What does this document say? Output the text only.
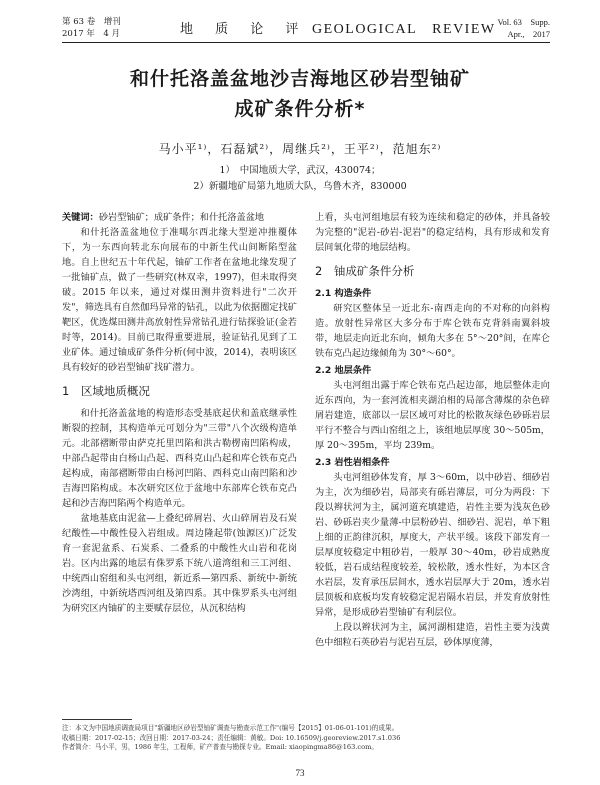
第 63 卷　增刊
2017 年　4 月	地 质 论 评 GEOLOGICAL　REVIEW Vol. 63　Supp.
Apr.,　2017
和什托洛盖盆地沙吉海地区砂岩型铀矿
成矿条件分析*
马小平¹⁾，石磊斌²⁾，周继兵²⁾，王平²⁾，范旭东²⁾
1）　中国地质大学，武汉，430074；
2）新疆地矿局第九地质大队，乌鲁木齐，830000

关键词：砂岩型铀矿；成矿条件；和什托洛盖盆地

和什托洛盖盆地位于准噶尔西北缘大型逆冲推覆体下，为一东西向转北东向展布的中新生代山间断陷型盆地。自上世纪五十年代起，铀矿工作者在盆地北缘发现了一批铀矿点，做了一些研究(林双幸，1997)，但未取得突破。2015 年以来，通过对煤田测井资料进行"二次开发"，筛选具有自然伽玛异常的钻孔，以此为依据圈定找矿靶区，优选煤田测井高放射性异常钻孔进行钻探验证(金若时等，2014)。目前已取得重要进展，验证钻孔见到了工业矿体。通过铀成矿条件分析(何中波，2014)，表明该区具有较好的砂岩型铀矿找矿潜力。

1　区域地质概况

和什托洛盖盆地的构造形态受基底起伏和盖底继承性断裂的控制，其构造单元可划分为"三带"八个次级构造单元。北部褶断带由萨克托里凹陷和洪古勒楞南凹陷构成，中部凸起带由白杨山凸起、西科克山凸起和库仑铁布克凸起构成，南部褶断带由白杨河凹陷、西科克山南凹陷和沙吉海凹陷构成。本次研究区位于盆地中东部库仑铁布克凸起和沙吉海凹陷两个构造单元。

盆地基底由泥盆—上叠纪碎屑岩、火山碎屑岩及石炭纪酸性—中酸性侵入岩组成。周边隆起带(蚀源区)广泛发育一套泥盆系、石炭系、二叠系的中酸性火山岩和花岗岩。区内出露的地层有侏罗系下统八道湾组和三工河组、中统西山窑组和头屯河组，新近系—第四系、新统中-新统沙湾组，中新统塔西河组及第四系。其中侏罗系头屯河组为研究区内铀矿的主要赋存层位，从沉积结构

上看，头屯河组地层有较为连续和稳定的砂体，并具备较为完整的"泥岩-砂岩-泥岩"的稳定结构，具有形成和发育层间氧化带的地层结构。

2　铀成矿条件分析

2.1 构造条件

研究区整体呈一近北东-南西走向的不对称的向斜构造。放射性异常区大多分布于库仑铁布克背斜南翼斜坡带，地层走向近北东向，倾角大多在 5°～20°间，在库仑铁布克凸起边缘倾角为 30°～60°。

2.2 地层条件

头屯河组出露于库仑铁布克凸起边部，地层整体走向近东西向，为一套河流相夹湖泊相的局部含薄煤的杂色碎屑岩建造，底部以一层区域可对比的松散灰绿色砂砾岩层平行不整合与西山窑组之上，该组地层厚度 30～505m，厚 20～395m，平均 239m。

2.3 岩性岩相条件

头屯河组砂体发育，厚 3～60m，以中砂岩、细砂岩为主，次为细砂岩，局部夹有砾岩薄层，可分为两段：下段以辫状河为主，属河道充填建造，岩性主要为浅灰色砂岩、砂砾岩夹少量薄-中层粉砂岩、细砂岩、泥岩，单下粗上细的正韵律沉积，厚度大，产状平缓。该段下部发育一层厚度较稳定中粗砂岩，一般厚 30～40m，砂岩成熟度较低，岩石成结程度较差，较松散，透水性好，为本区含水岩层，发育承压层间水，透水岩层厚大于 20m，透水岩层顶板和底板均发育较稳定泥岩隔水岩层，并发育放射性异常，是形成砂岩型铀矿有利层位。

上段以辫状河为主，属河湖相建造，岩性主要为浅黄色中细粒石英砂岩与泥岩互层，砂体厚度薄，

注：本文为中国地质调查局项目"新疆地区砂岩型铀矿调查与勘查示范工作"(编号【2015】01-06-01-101)的成果。
收稿日期：2017-02-15；改回日期：2017-03-24；责任编辑：黄敏。Doi: 10.16509/j.georeview.2017.s1.036
作者简介：马小平，男，1986 年生，工程师，矿产普查与勘探专业。Email: xiaopingma86@163.com。
73
